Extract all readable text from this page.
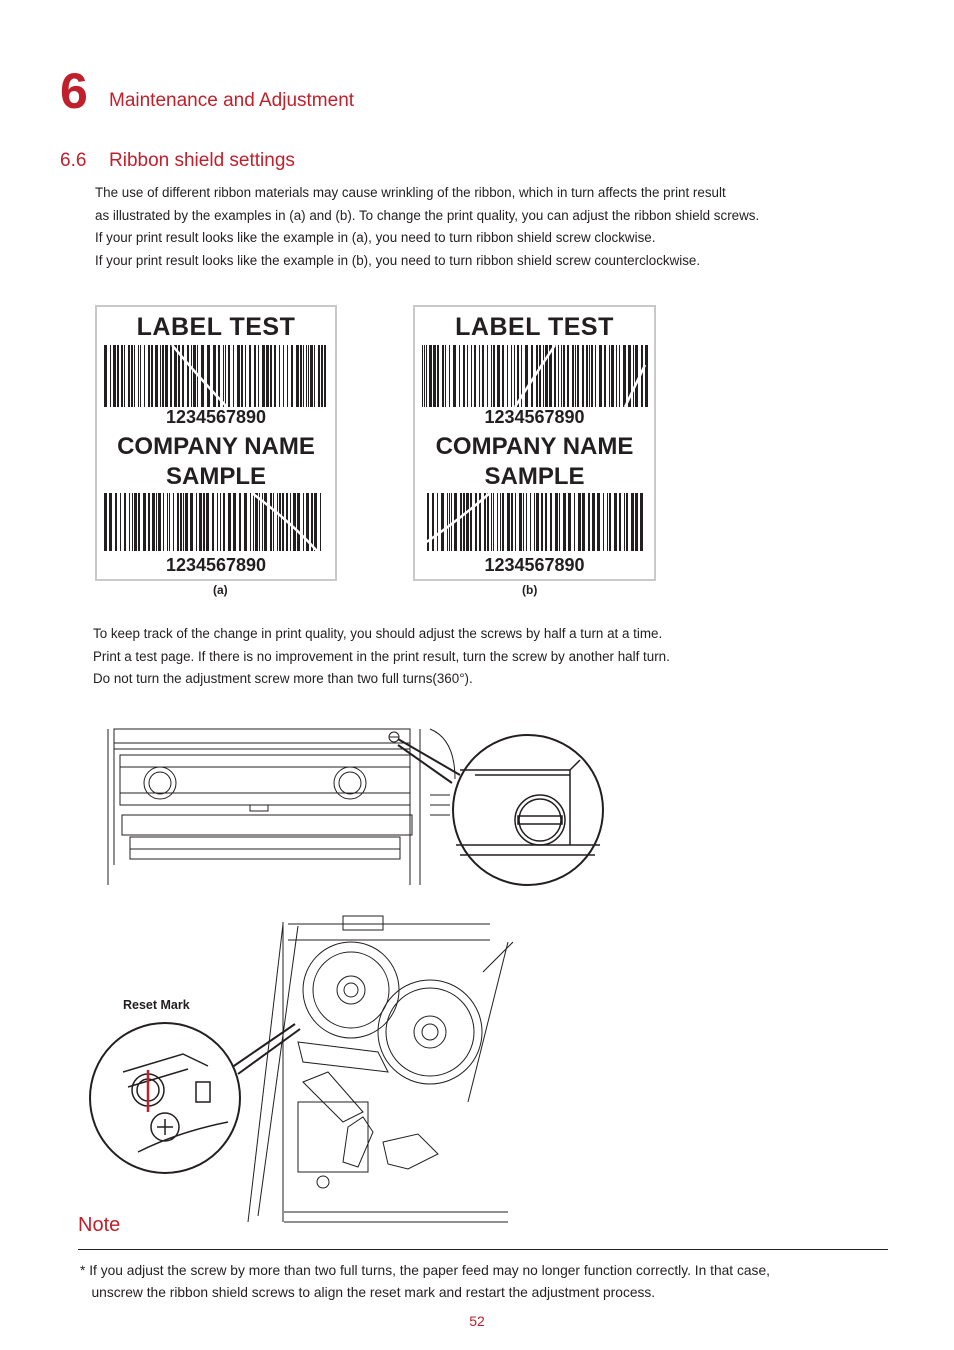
6 Maintenance and Adjustment
6.6 Ribbon shield settings
The use of different ribbon materials may cause wrinkling of the ribbon, which in turn affects the print result
as illustrated by the examples in (a) and (b). To change the print quality, you can adjust the ribbon shield screws.
If your print result looks like the example in (a), you need to turn ribbon shield screw clockwise.
If your print result looks like the example in (b), you need to turn ribbon shield screw counterclockwise.
LABEL TEST
1234567890
COMPANY NAME
SAMPLE
1234567890
LABEL TEST
1234567890
COMPANY NAME
SAMPLE
1234567890
(a)	(b)
To keep track of the change in print quality, you should adjust the screws by half a turn at a time.
Print a test page. If there is no improvement in the print result, turn the screw by another half turn.
Do not turn the adjustment screw more than two full turns(360°).
Reset Mark
Note
* If you adjust the screw by more than two full turns, the paper feed may no longer function correctly. In that case,
unscrew the ribbon shield screws to align the reset mark and restart the adjustment process.
52
